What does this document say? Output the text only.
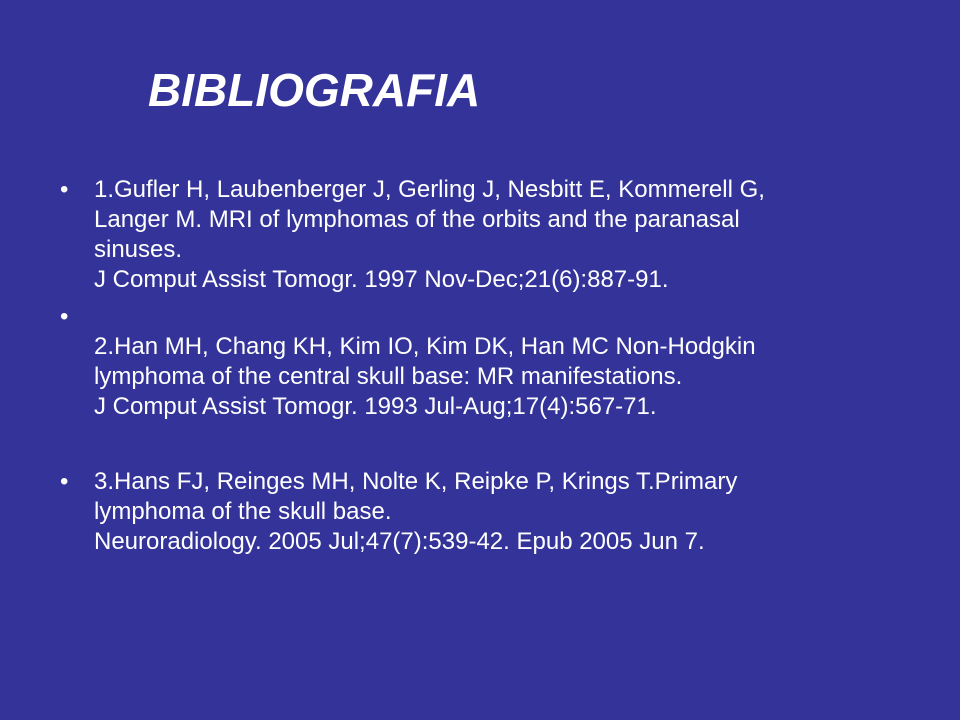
BIBLIOGRAFIA
•	1.Gufler H, Laubenberger J, Gerling J, Nesbitt E, Kommerell G,
Langer M. MRI of lymphomas of the orbits and the paranasal
sinuses.
J Comput Assist Tomogr. 1997 Nov-Dec;21(6):887-91.
•

2.Han MH, Chang KH, Kim IO, Kim DK, Han MC Non-Hodgkin
lymphoma of the central skull base: MR manifestations.
J Comput Assist Tomogr. 1993 Jul-Aug;17(4):567-71.
•	3.Hans FJ, Reinges MH, Nolte K, Reipke P, Krings T.Primary
lymphoma of the skull base.
Neuroradiology. 2005 Jul;47(7):539-42. Epub 2005 Jun 7.
